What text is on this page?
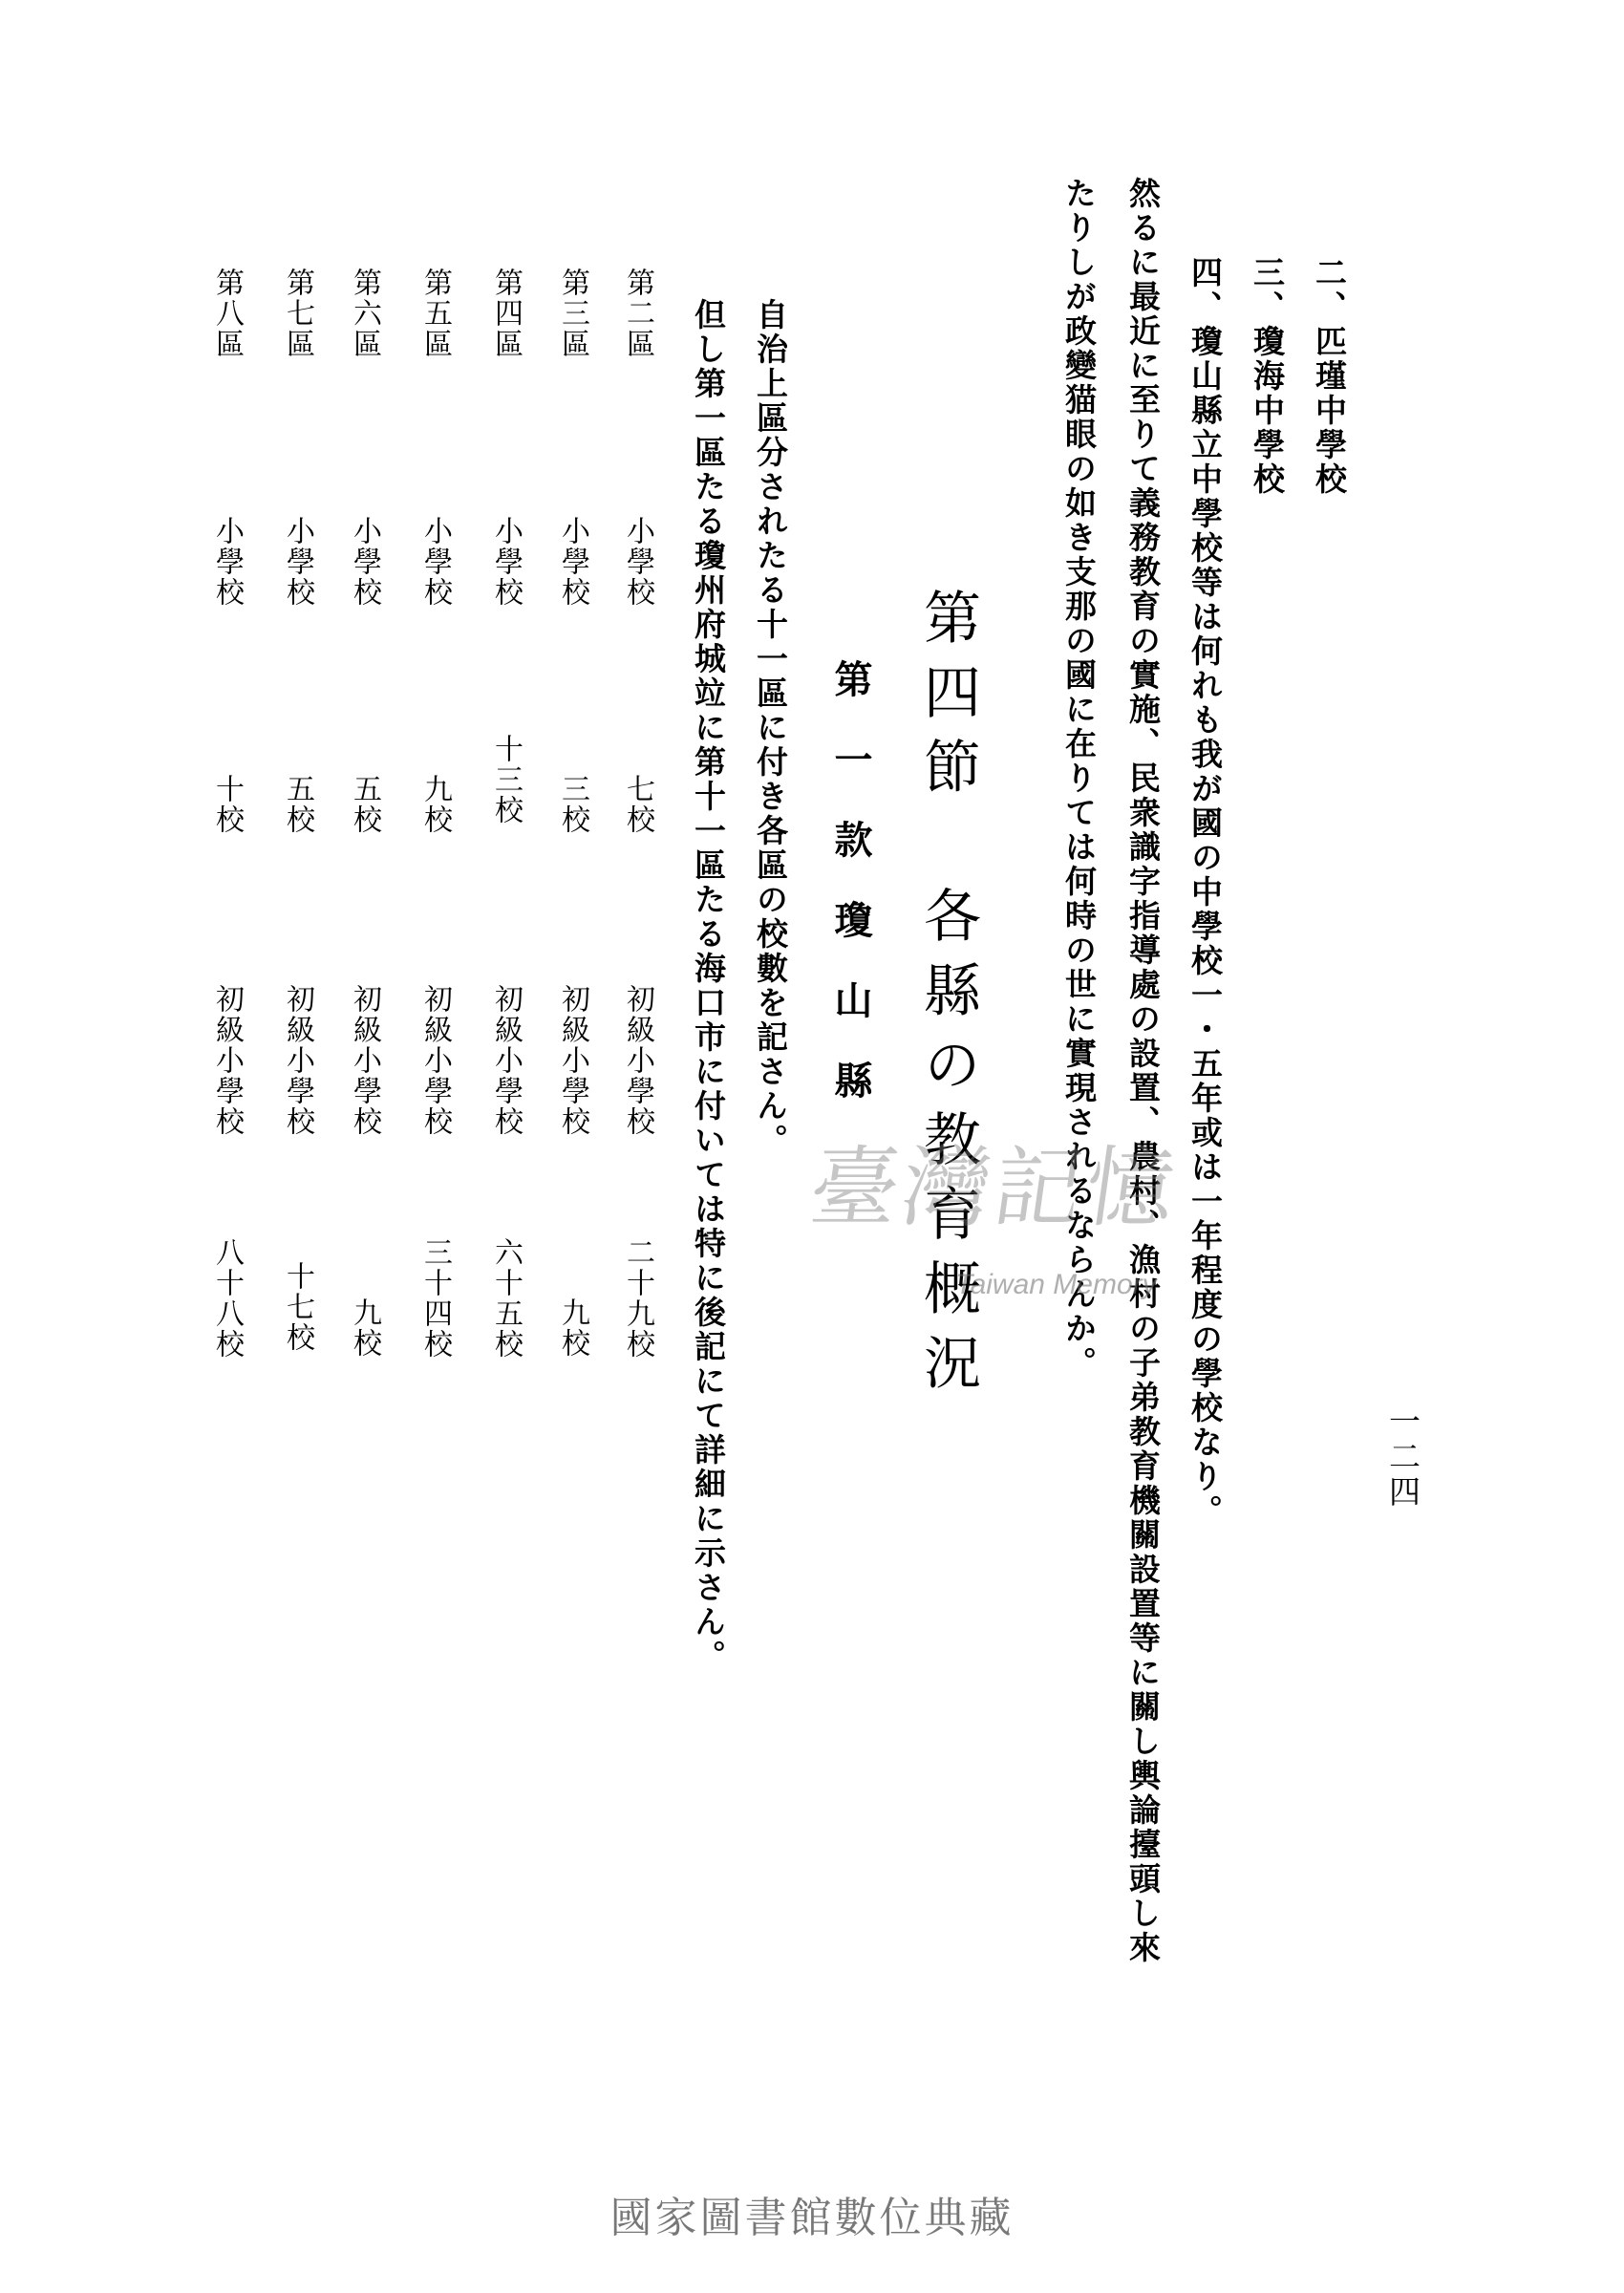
一二四
然るに最近に至りて義務教育の實施、民衆識字指導處の設置、農村、漁村の子弟教育機關設置等に關し輿論擡頭し來
たりしが政變猫眼の如き支那の國に在りては何時の世に實現されるならんか。	四、瓊山縣立中學校等は何れも我が國の中學校一・五年或は一年程度の學校なり。 三、瓊海中學校 二、匹瑾中學校
第四節　各縣の教育概況
第一款瓊山縣
自治上區分されたる十一區に付き各區の校數を記さん。
但し第一區たる瓊州府城竝に第十一區たる海口市に付いては特に後記にて詳細に示さん。
第二區
小學校
七校
初級小學校
二十九校
第三區
小學校
三校
初級小學校
九校
第四區
小學校
十三校
初級小學校
六十五校
第五區
小學校
九校
初級小學校
三十四校
第六區
小學校
五校
初級小學校
九校
第七區
小學校
五校
初級小學校
十七校
第八區
小學校
十校
初級小學校
八十八校
臺灣記憶
Taiwan Memory
國家圖書館數位典藏
